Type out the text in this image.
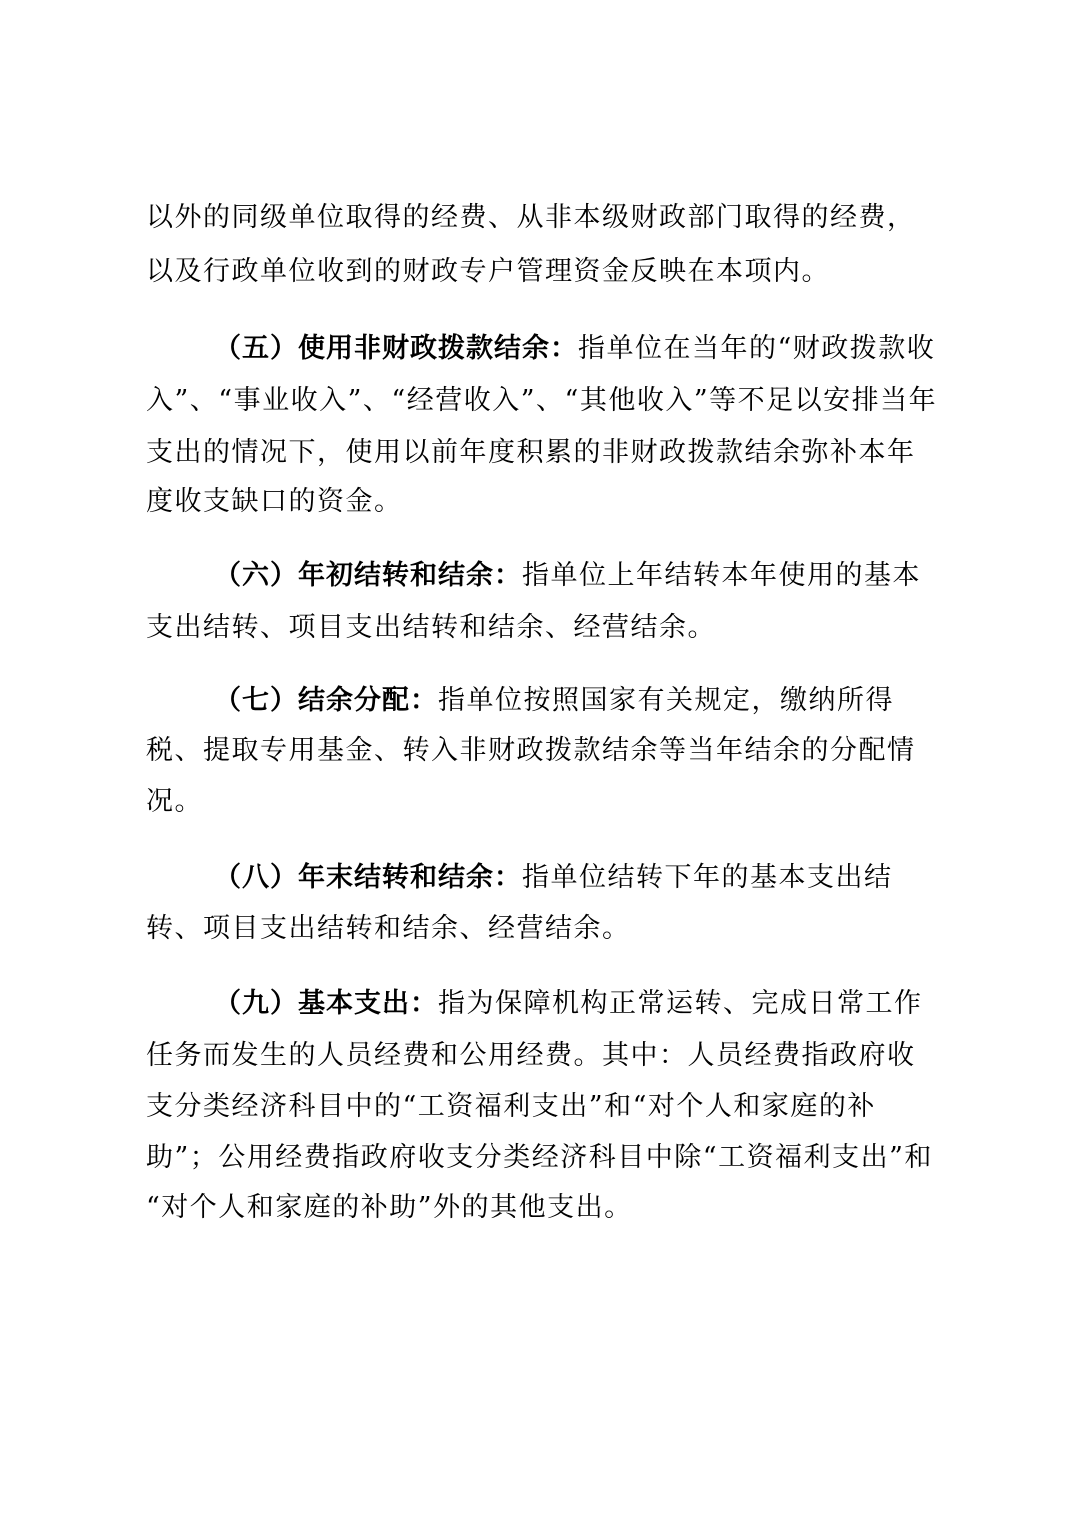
以外的同级单位取得的经费、从非本级财政部门取得的经费，
以及行政单位收到的财政专户管理资金反映在本项内。
（五）使用非财政拨款结余：指单位在当年的“财政拨款收
入”、“事业收入”、“经营收入”、“其他收入”等不足以安排当年
支出的情况下，使用以前年度积累的非财政拨款结余弥补本年
度收支缺口的资金。
（六）年初结转和结余：指单位上年结转本年使用的基本
支出结转、项目支出结转和结余、经营结余。
（七）结余分配：指单位按照国家有关规定，缴纳所得
税、提取专用基金、转入非财政拨款结余等当年结余的分配情
况。
（八）年末结转和结余：指单位结转下年的基本支出结
转、项目支出结转和结余、经营结余。
（九）基本支出：指为保障机构正常运转、完成日常工作
任务而发生的人员经费和公用经费。其中：人员经费指政府收
支分类经济科目中的“工资福利支出”和“对个人和家庭的补
助”；公用经费指政府收支分类经济科目中除“工资福利支出”和
“对个人和家庭的补助”外的其他支出。
